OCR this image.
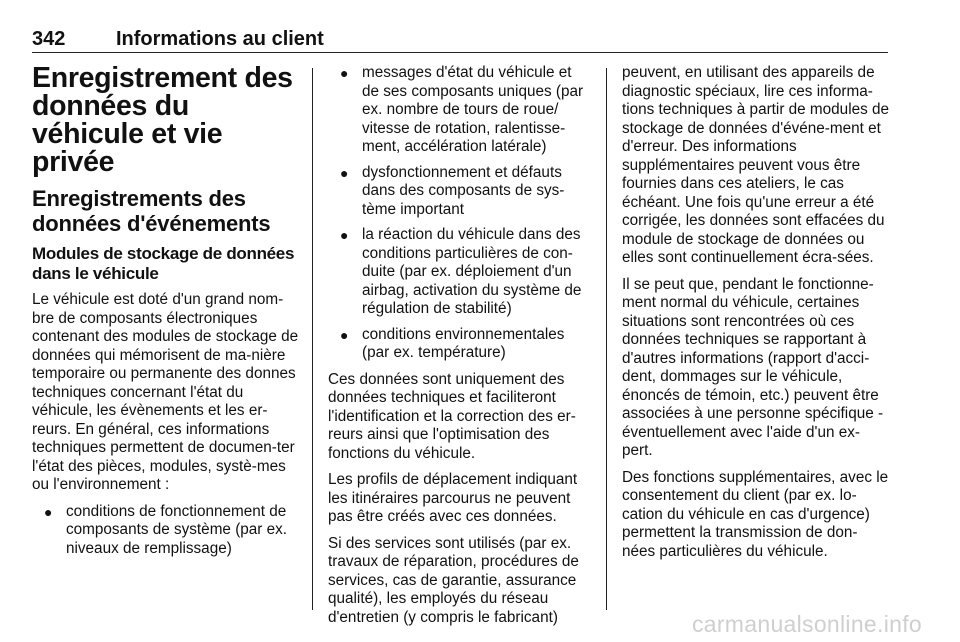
342	Informations au client
Enregistrement des données du véhicule et vie privée
Enregistrements des données d'événements
Modules de stockage de données dans le véhicule

Le véhicule est doté d'un grand nom-bre de composants électroniques contenant des modules de stockage de données qui mémorisent de ma-nière temporaire ou permanente des donnes techniques concernant l'état du véhicule, les évènements et les er-reurs. En général, ces informations techniques permettent de documen-ter l'état des pièces, modules, systè-mes ou l'environnement :

● conditions de fonctionnement de composants de système (par ex. niveaux de remplissage)
● messages d'état du véhicule et de ses composants uniques (par ex. nombre de tours de roue/ vitesse de rotation, ralentisse-ment, accélération latérale)
● dysfonctionnement et défauts dans des composants de sys-tème important
● la réaction du véhicule dans des conditions particulières de con-duite (par ex. déploiement d'un airbag, activation du système de régulation de stabilité)
● conditions environnementales (par ex. température)

Ces données sont uniquement des données techniques et faciliteront l'identification et la correction des er-reurs ainsi que l'optimisation des fonctions du véhicule.

Les profils de déplacement indiquant les itinéraires parcourus ne peuvent pas être créés avec ces données.

Si des services sont utilisés (par ex. travaux de réparation, procédures de services, cas de garantie, assurance qualité), les employés du réseau d'entretien (y compris le fabricant)

peuvent, en utilisant des appareils de diagnostic spéciaux, lire ces informa-tions techniques à partir de modules de stockage de données d'événe-ment et d'erreur. Des informations supplémentaires peuvent vous être fournies dans ces ateliers, le cas échéant. Une fois qu'une erreur a été corrigée, les données sont effacées du module de stockage de données ou elles sont continuellement écra-sées.

Il se peut que, pendant le fonctionne-ment normal du véhicule, certaines situations sont rencontrées où ces données techniques se rapportant à d'autres informations (rapport d'acci-dent, dommages sur le véhicule, énoncés de témoin, etc.) peuvent être associées à une personne spécifique - éventuellement avec l'aide d'un ex-pert.

Des fonctions supplémentaires, avec le consentement du client (par ex. lo-cation du véhicule en cas d'urgence) permettent la transmission de don-nées particulières du véhicule.

carmanualsonline.info
